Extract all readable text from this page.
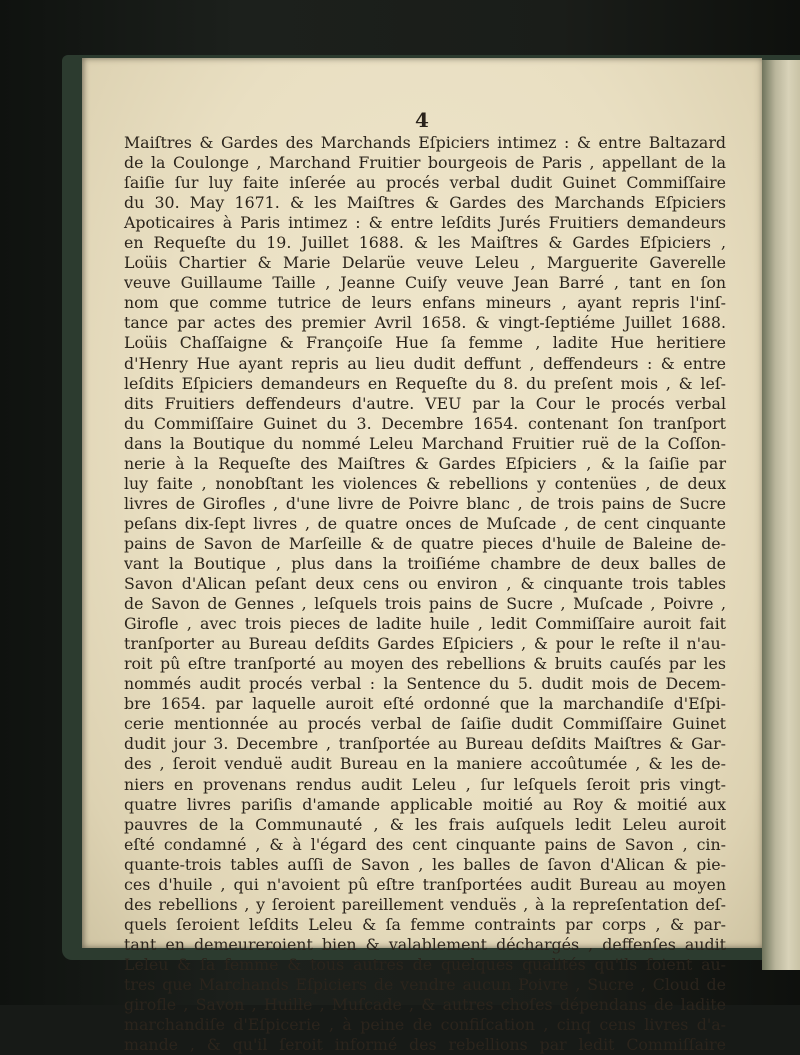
4
Maiſtres & Gardes des Marchands Eſpiciers intimez : & entre Baltazard
de la Coulonge , Marchand Fruitier bourgeois de Paris , appellant de la
ſaiſie ſur luy faite inſerée au procés verbal dudit Guinet Commiſſaire
du 30. May 1671. & les Maiſtres & Gardes des Marchands Eſpiciers
Apoticaires à Paris intimez : & entre leſdits Jurés Fruitiers demandeurs
en Requeſte du 19. Juillet 1688. & les Maiſtres & Gardes Eſpiciers ,
Loüis Chartier & Marie Delarüe veuve Leleu , Marguerite Gaverelle
veuve Guillaume Taille , Jeanne Cuiſy veuve Jean Barré , tant en ſon
nom que comme tutrice de leurs enfans mineurs , ayant repris l'inſ-
tance par actes des premier Avril 1658. & vingt-ſeptiéme Juillet 1688.
Loüis Chaſſaigne & Françoiſe Hue ſa femme , ladite Hue heritiere
d'Henry Hue ayant repris au lieu dudit deffunt , deffendeurs : & entre
leſdits Eſpiciers demandeurs en Requeſte du 8. du preſent mois , & leſ-
dits Fruitiers deffendeurs d'autre. VEU par la Cour le procés verbal
du Commiſſaire Guinet du 3. Decembre 1654. contenant ſon tranſport
dans la Boutique du nommé Leleu Marchand Fruitier ruë de la Coſſon-
nerie à la Requeſte des Maiſtres & Gardes Eſpiciers , & la ſaiſie par
luy faite , nonobſtant les violences & rebellions y contenües , de deux
livres de Girofles , d'une livre de Poivre blanc , de trois pains de Sucre
peſans dix-ſept livres , de quatre onces de Muſcade , de cent cinquante
pains de Savon de Marſeille & de quatre pieces d'huile de Baleine de-
vant la Boutique , plus dans la troiſiéme chambre de deux balles de
Savon d'Alican peſant deux cens ou environ , & cinquante trois tables
de Savon de Gennes , leſquels trois pains de Sucre , Muſcade , Poivre ,
Girofle , avec trois pieces de ladite huile , ledit Commiſſaire auroit fait
tranſporter au Bureau deſdits Gardes Eſpiciers , & pour le reſte il n'au-
roit pû eſtre tranſporté au moyen des rebellions & bruits cauſés par les
nommés audit procés verbal : la Sentence du 5. dudit mois de Decem-
bre 1654. par laquelle auroit eſté ordonné que la marchandiſe d'Eſpi-
cerie mentionnée au procés verbal de ſaiſie dudit Commiſſaire Guinet
dudit jour 3. Decembre , tranſportée au Bureau deſdits Maiſtres & Gar-
des , ſeroit venduë audit Bureau en la maniere accoûtumée , & les de-
niers en provenans rendus audit Leleu , ſur leſquels ſeroit pris vingt-
quatre livres pariſis d'amande applicable moitié au Roy & moitié aux
pauvres de la Communauté , & les frais auſquels ledit Leleu auroit
eſté condamné , & à l'égard des cent cinquante pains de Savon , cin-
quante-trois tables auſſi de Savon , les balles de ſavon d'Alican & pie-
ces d'huile , qui n'avoient pû eſtre tranſportées audit Bureau au moyen
des rebellions , y ſeroient pareillement venduës , à la repreſentation deſ-
quels ſeroient leſdits Leleu & ſa femme contraints par corps , & par-
tant en demeureroient bien & valablement déchargés , deffenſes audit
Leleu & ſa femme & tous autres de quelques qualités qu'ils ſoient au-
tres que Marchands Eſpiciers de vendre aucun Poivre , Sucre , Cloud de
girofle , Savon , Huille , Muſcade , & autres choſes dépendans de ladite
marchandiſe d'Eſpicerie , à peine de confiſcation , cinq cens livres d'a-
mande , & qu'il ſeroit informé des rebellions par ledit Commiſſaire
